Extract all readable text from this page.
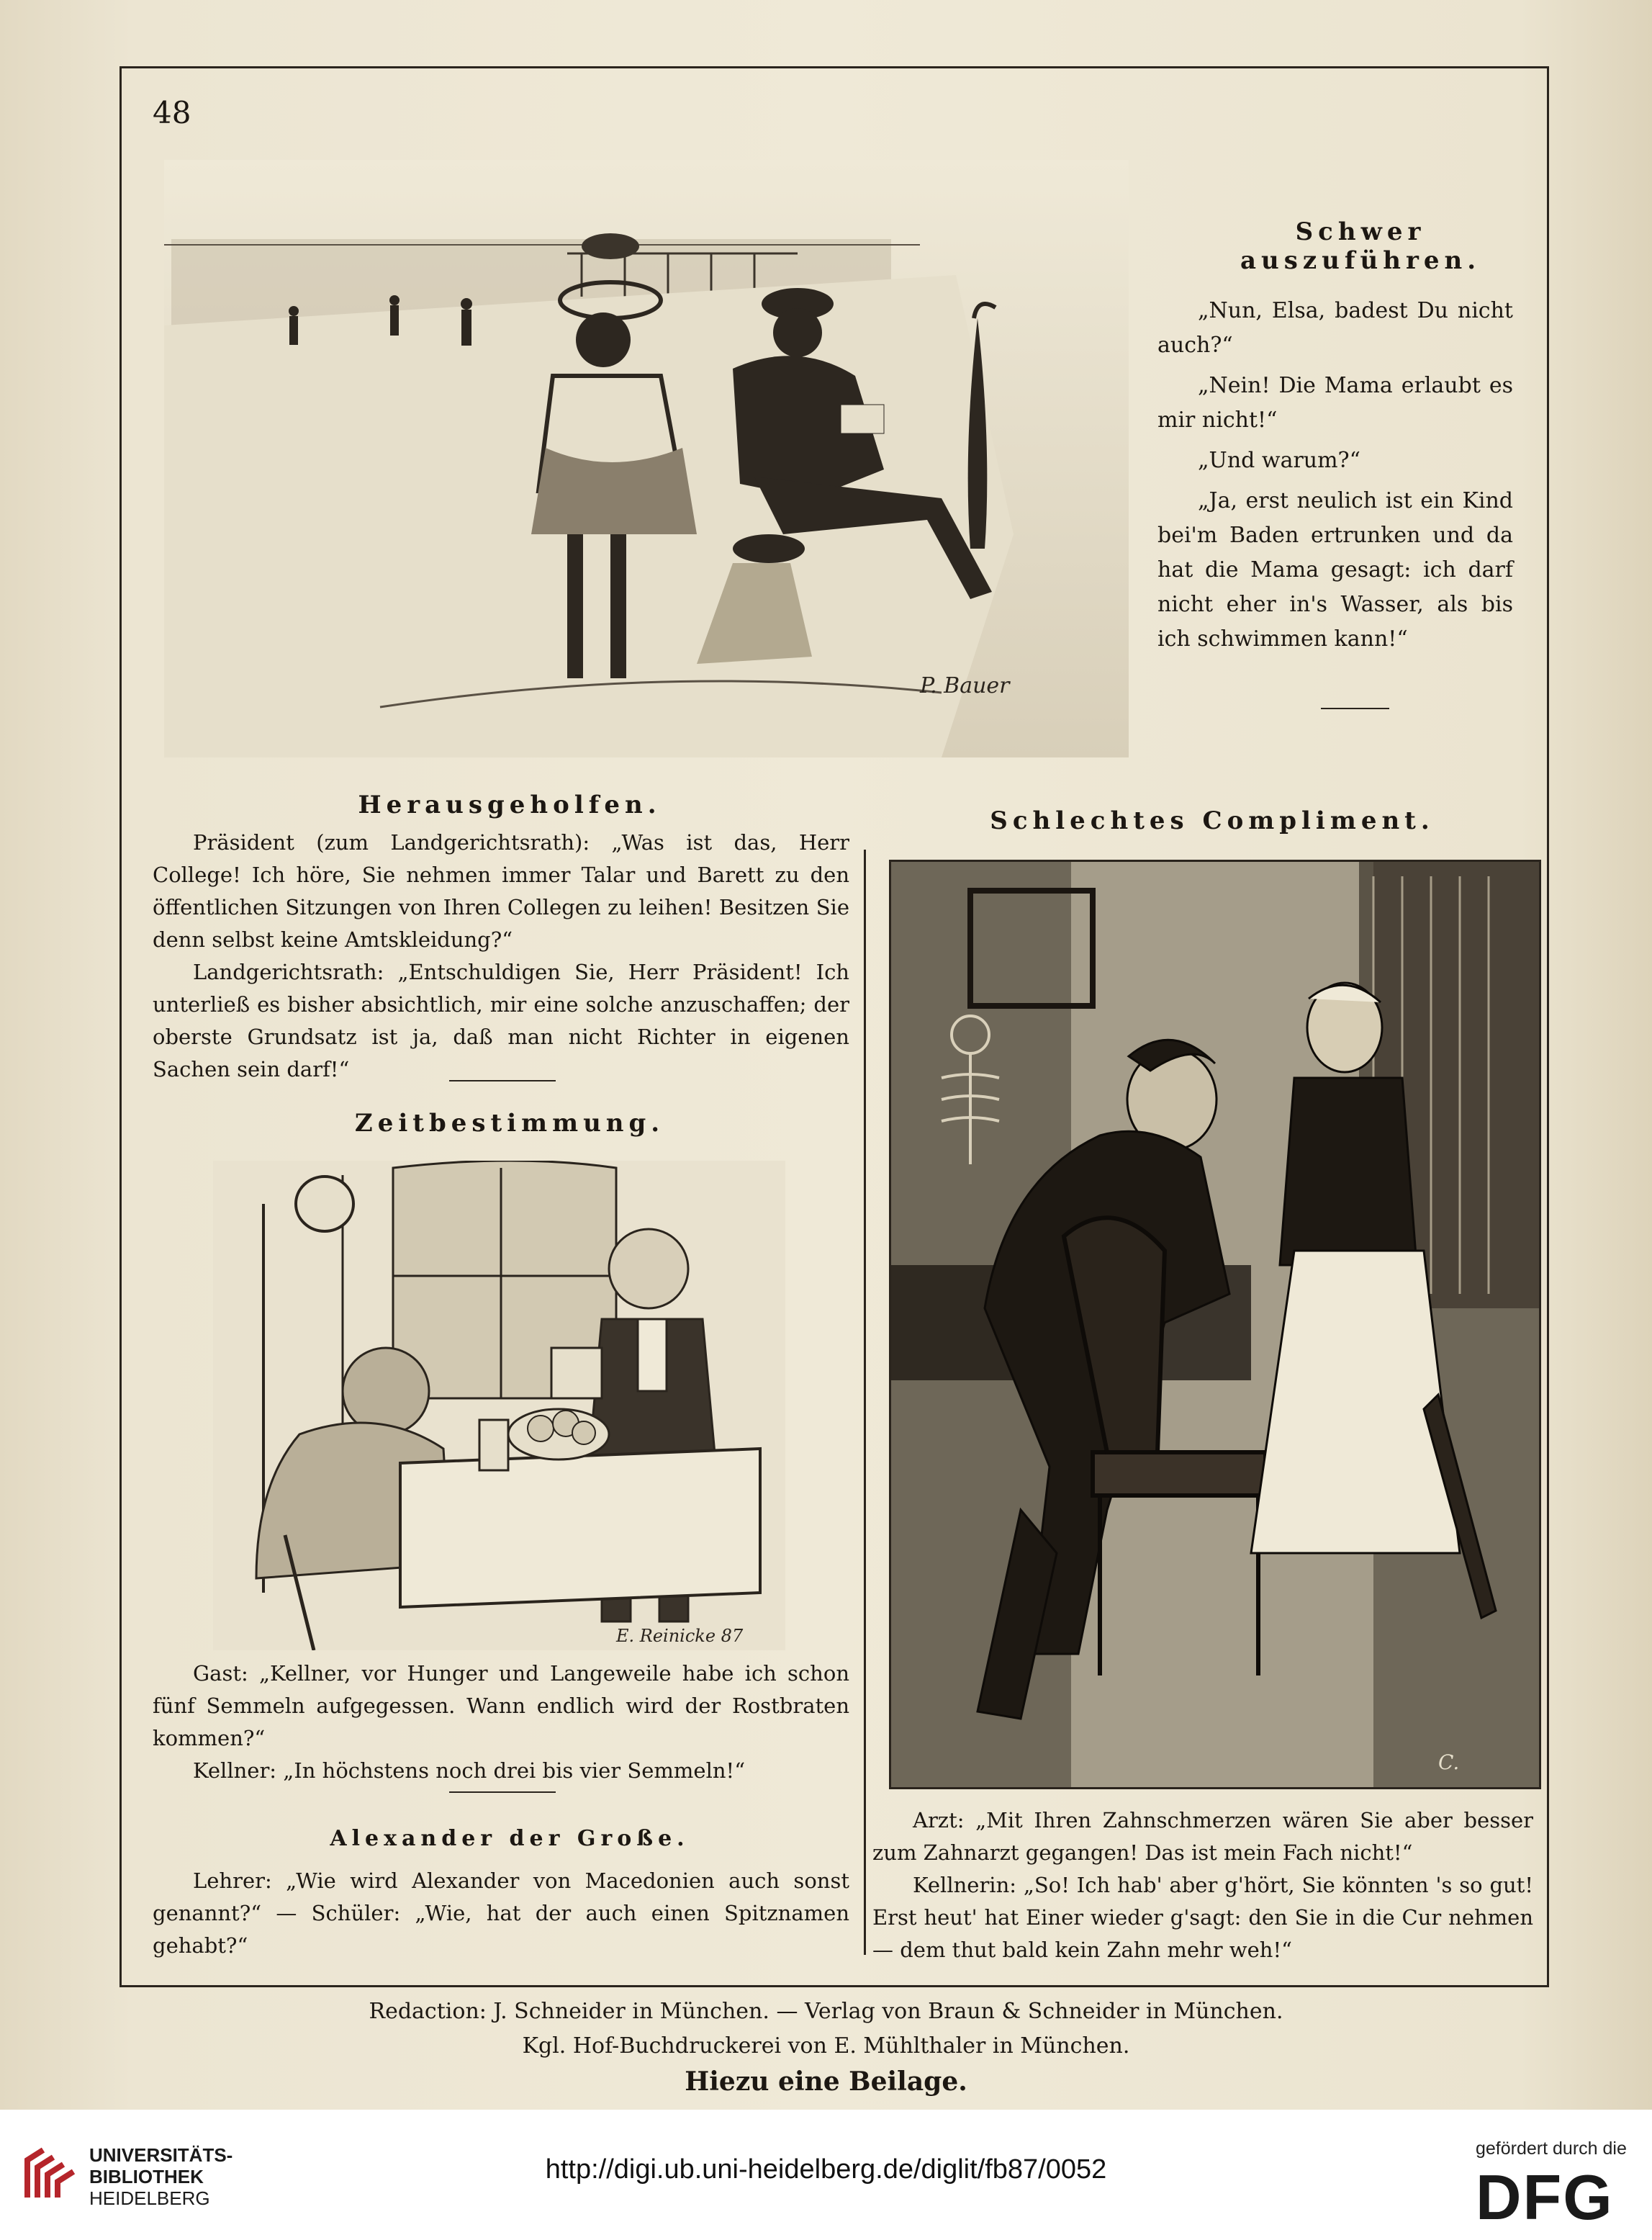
48
P. Bauer
Schwer auszuführen.

„Nun, Elsa, badest Du nicht auch?“

„Nein! Die Mama erlaubt es mir nicht!“

„Und warum?“

„Ja, erst neulich ist ein Kind bei'm Baden ertrunken und da hat die Mama gesagt: ich darf nicht eher in's Wasser, als bis ich schwimmen kann!“

Herausgeholfen.

Präsident (zum Landgerichtsrath): „Was ist das, Herr College! Ich höre, Sie nehmen immer Talar und Barett zu den öffentlichen Sitzungen von Ihren Collegen zu leihen! Besitzen Sie denn selbst keine Amtskleidung?“

Landgerichtsrath: „Entschuldigen Sie, Herr Präsident! Ich unterließ es bisher absichtlich, mir eine solche anzuschaffen; der oberste Grundsatz ist ja, daß man nicht Richter in eigenen Sachen sein darf!“

Zeitbestimmung.
E. Reinicke 87

Gast: „Kellner, vor Hunger und Langeweile habe ich schon fünf Semmeln aufgegessen. Wann endlich wird der Rostbraten kommen?“

Kellner: „In höchstens noch drei bis vier Semmeln!“

Alexander der Große.

Lehrer: „Wie wird Alexander von Macedonien auch sonst genannt?“ — Schüler: „Wie, hat der auch einen Spitznamen gehabt?“

Schlechtes Compliment.
C.

Arzt: „Mit Ihren Zahnschmerzen wären Sie aber besser zum Zahnarzt gegangen! Das ist mein Fach nicht!“

Kellnerin: „So! Ich hab' aber g'hört, Sie könnten 's so gut! Erst heut' hat Einer wieder g'sagt: den Sie in die Cur nehmen — dem thut bald kein Zahn mehr weh!“

Redaction: J. Schneider in München. — Verlag von Braun & Schneider in München.
Kgl. Hof-Buchdruckerei von E. Mühlthaler in München.
Hiezu eine Beilage.
UNIVERSITÄTS-
BIBLIOTHEK
HEIDELBERG
http://digi.ub.uni-heidelberg.de/diglit/fb87/0052
gefördert durch die
DFG
